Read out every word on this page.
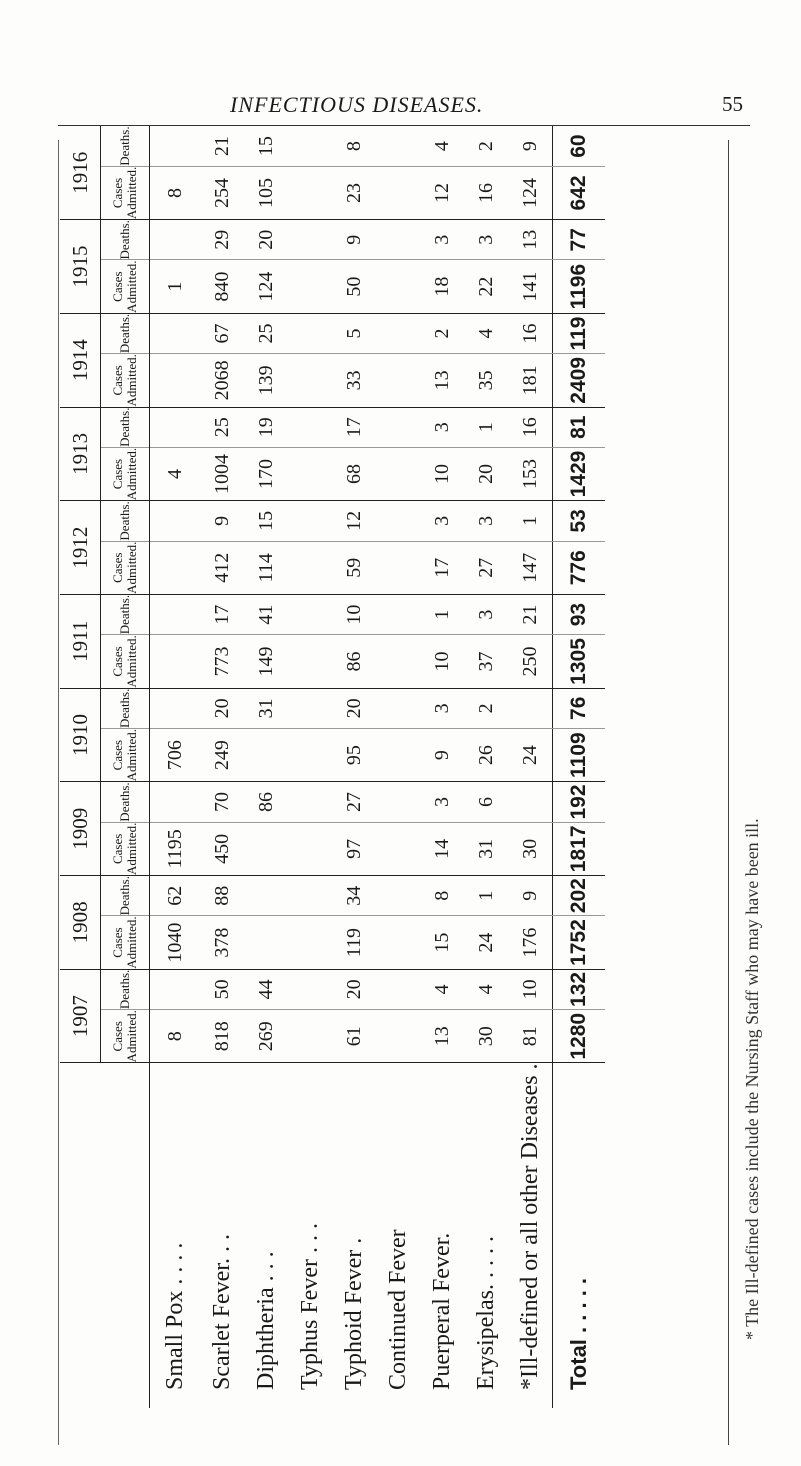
INFECTIOUS DISEASES.	55
	1907		1908		1909		1910		1911		1912		1913		1914		1915		1916	
	Cases Admitted.	Deaths.	Cases Admitted.	Deaths.	Cases Admitted.	Deaths.	Cases Admitted.	Deaths.	Cases Admitted.	Deaths.	Cases Admitted.	Deaths.	Cases Admitted.	Deaths.	Cases Admitted.	Deaths.	Cases Admitted.	Deaths.	Cases Admitted.	Deaths.
Small Pox . . . .	8		1040	62	1195		706						4				1		8	
Scarlet Fever. . .	818	50	378	88	450	70	249	20	773	17	412	9	1004	25	2068	67	840	29	254	21
Diphtheria . . .	269	44				86		31	149	41	114	15	170	19	139	25	124	20	105	15
Typhus Fever . . .																				
Typhoid Fever .	61	20	119	34	97	27	95	20	86	10	59	12	68	17	33	5	50	9	23	8
Continued Fever																				
Puerperal Fever.	13	4	15	8	14	3	9	3	10	1	17	3	10	3	13	2	18	3	12	4
Erysipelas. . . . .	30	4	24	1	31	6	26	2	37	3	27	3	20	1	35	4	22	3	16	2
*Ill-defined or all other Diseases .	81	10	176	9	30		24		250	21	147	1	153	16	181	16	141	13	124	9
Total . . . . .	1280	132	1752	202	1817	192	1109	76	1305	93	776	53	1429	81	2409	119	1196	77	642	60
* The Ill-defined cases include the Nursing Staff who may have been ill.
